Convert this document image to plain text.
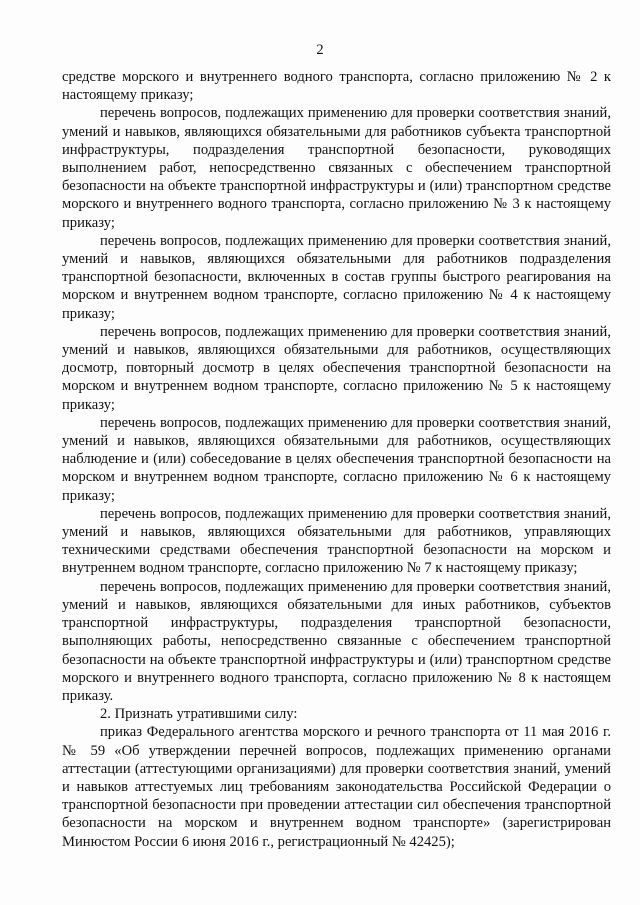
2

средстве морского и внутреннего водного транспорта, согласно приложению № 2 к настоящему приказу;

перечень вопросов, подлежащих применению для проверки соответствия знаний, умений и навыков, являющихся обязательными для работников субъекта транспортной инфраструктуры, подразделения транспортной безопасности, руководящих выполнением работ, непосредственно связанных с обеспечением транспортной безопасности на объекте транспортной инфраструктуры и (или) транспортном средстве морского и внутреннего водного транспорта, согласно приложению № 3 к настоящему приказу;

перечень вопросов, подлежащих применению для проверки соответствия знаний, умений и навыков, являющихся обязательными для работников подразделения транспортной безопасности, включенных в состав группы быстрого реагирования на морском и внутреннем водном транспорте, согласно приложению № 4 к настоящему приказу;

перечень вопросов, подлежащих применению для проверки соответствия знаний, умений и навыков, являющихся обязательными для работников, осуществляющих досмотр, повторный досмотр в целях обеспечения транспортной безопасности на морском и внутреннем водном транспорте, согласно приложению № 5 к настоящему приказу;

перечень вопросов, подлежащих применению для проверки соответствия знаний, умений и навыков, являющихся обязательными для работников, осуществляющих наблюдение и (или) собеседование в целях обеспечения транспортной безопасности на морском и внутреннем водном транспорте, согласно приложению № 6 к настоящему приказу;

перечень вопросов, подлежащих применению для проверки соответствия знаний, умений и навыков, являющихся обязательными для работников, управляющих техническими средствами обеспечения транспортной безопасности на морском и внутреннем водном транспорте, согласно приложению № 7 к настоящему приказу;

перечень вопросов, подлежащих применению для проверки соответствия знаний, умений и навыков, являющихся обязательными для иных работников, субъектов транспортной инфраструктуры, подразделения транспортной безопасности, выполняющих работы, непосредственно связанные с обеспечением транспортной безопасности на объекте транспортной инфраструктуры и (или) транспортном средстве морского и внутреннего водного транспорта, согласно приложению № 8 к настоящем приказу.

2. Признать утратившими силу:

приказ Федерального агентства морского и речного транспорта от 11 мая 2016 г. № 59 «Об утверждении перечней вопросов, подлежащих применению органами аттестации (аттестующими организациями) для проверки соответствия знаний, умений и навыков аттестуемых лиц требованиям законодательства Российской Федерации о транспортной безопасности при проведении аттестации сил обеспечения транспортной безопасности на морском и внутреннем водном транспорте» (зарегистрирован Минюстом России 6 июня 2016 г., регистрационный № 42425);
